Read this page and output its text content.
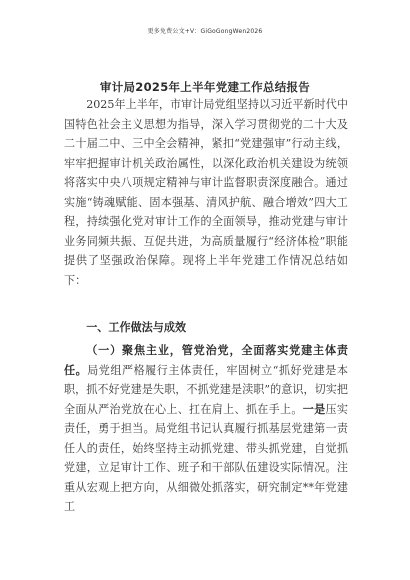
更多免费公文+V：GiGoGongWen2026
审计局2025年上半年党建工作总结报告

2025年上半年，市审计局党组坚持以习近平新时代中国特色社会主义思想为指导，深入学习贯彻党的二十大及二十届二中、三中全会精神，紧扣“党建强审”行动主线，牢牢把握审计机关政治属性，以深化政治机关建设为统领将落实中央八项规定精神与审计监督职责深度融合。通过实施“铸魂赋能、固本强基、清风护航、融合增效”四大工程，持续强化党对审计工作的全面领导，推动党建与审计业务同频共振、互促共进，为高质量履行“经济体检”职能提供了坚强政治保障。现将上半年党建工作情况总结如下：

一、工作做法与成效

（一）聚焦主业，管党治党，全面落实党建主体责任。局党组严格履行主体责任，牢固树立“抓好党建是本职，抓不好党建是失职，不抓党建是渎职”的意识，切实把全面从严治党放在心上、扛在肩上、抓在手上。一是压实责任，勇于担当。局党组书记认真履行抓基层党建第一责任人的责任，始终坚持主动抓党建、带头抓党建，自觉抓党建，立足审计工作、班子和干部队伍建设实际情况。注重从宏观上把方向，从细微处抓落实，研究制定**年党建工
